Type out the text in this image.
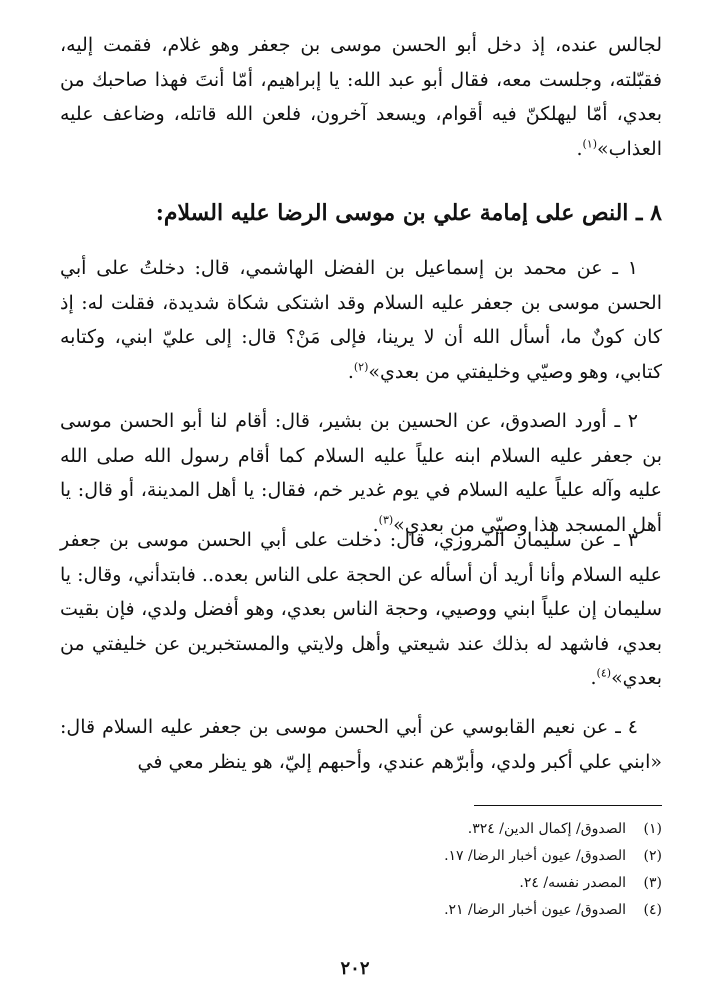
لجالس عنده، إذ دخل أبو الحسن موسى بن جعفر وهو غلام، فقمت إليه، فقبّلته، وجلست معه، فقال أبو عبد الله: يا إبراهيم، أمّا أنتَ فهذا صاحبك من بعدي، أمّا ليهلكنّ فيه أقوام، ويسعد آخرون، فلعن الله قاتله، وضاعف عليه العذاب»$^{(١)}$.

٨ ـ النص على إمامة علي بن موسى الرضا عليه السلام:

١ ـ عن محمد بن إسماعيل بن الفضل الهاشمي، قال: دخلتُ على أبي الحسن موسى بن جعفر عليه السلام وقد اشتكى شكاة شديدة، فقلت له: إذ كان كونٌ ما، أسأل الله أن لا يرينا، فإلى مَنْ؟ قال: إلى عليّ ابني، وكتابه كتابي، وهو وصيّي وخليفتي من بعدي»$^{(٢)}$.

٢ ـ أورد الصدوق، عن الحسين بن بشير، قال: أقام لنا أبو الحسن موسى بن جعفر عليه السلام ابنه علياً عليه السلام كما أقام رسول الله صلى الله عليه وآله علياً عليه السلام في يوم غدير خم، فقال: يا أهل المدينة، أو قال: يا أهل المسجد هذا وصيّي من بعدي»$^{(٣)}$.

٣ ـ عن سليمان المروزي، قال: دخلت على أبي الحسن موسى بن جعفر عليه السلام وأنا أريد أن أسأله عن الحجة على الناس بعده.. فابتدأني، وقال: يا سليمان إن علياً ابني ووصيي، وحجة الناس بعدي، وهو أفضل ولدي، فإن بقيت بعدي، فاشهد له بذلك عند شيعتي وأهل ولايتي والمستخبرين عن خليفتي من بعدي»$^{(٤)}$.

٤ ـ عن نعيم القابوسي عن أبي الحسن موسى بن جعفر عليه السلام قال: «ابني علي أكبر ولدي، وأبرّهم عندي، وأحبهم إليّ، هو ينظر معي في

(١)الصدوق/ إكمال الدين/ ٣٢٤.
(٢)الصدوق/ عيون أخبار الرضا/ ١٧.
(٣)المصدر نفسه/ ٢٤.
(٤)الصدوق/ عيون أخبار الرضا/ ٢١.
٢٠٢
